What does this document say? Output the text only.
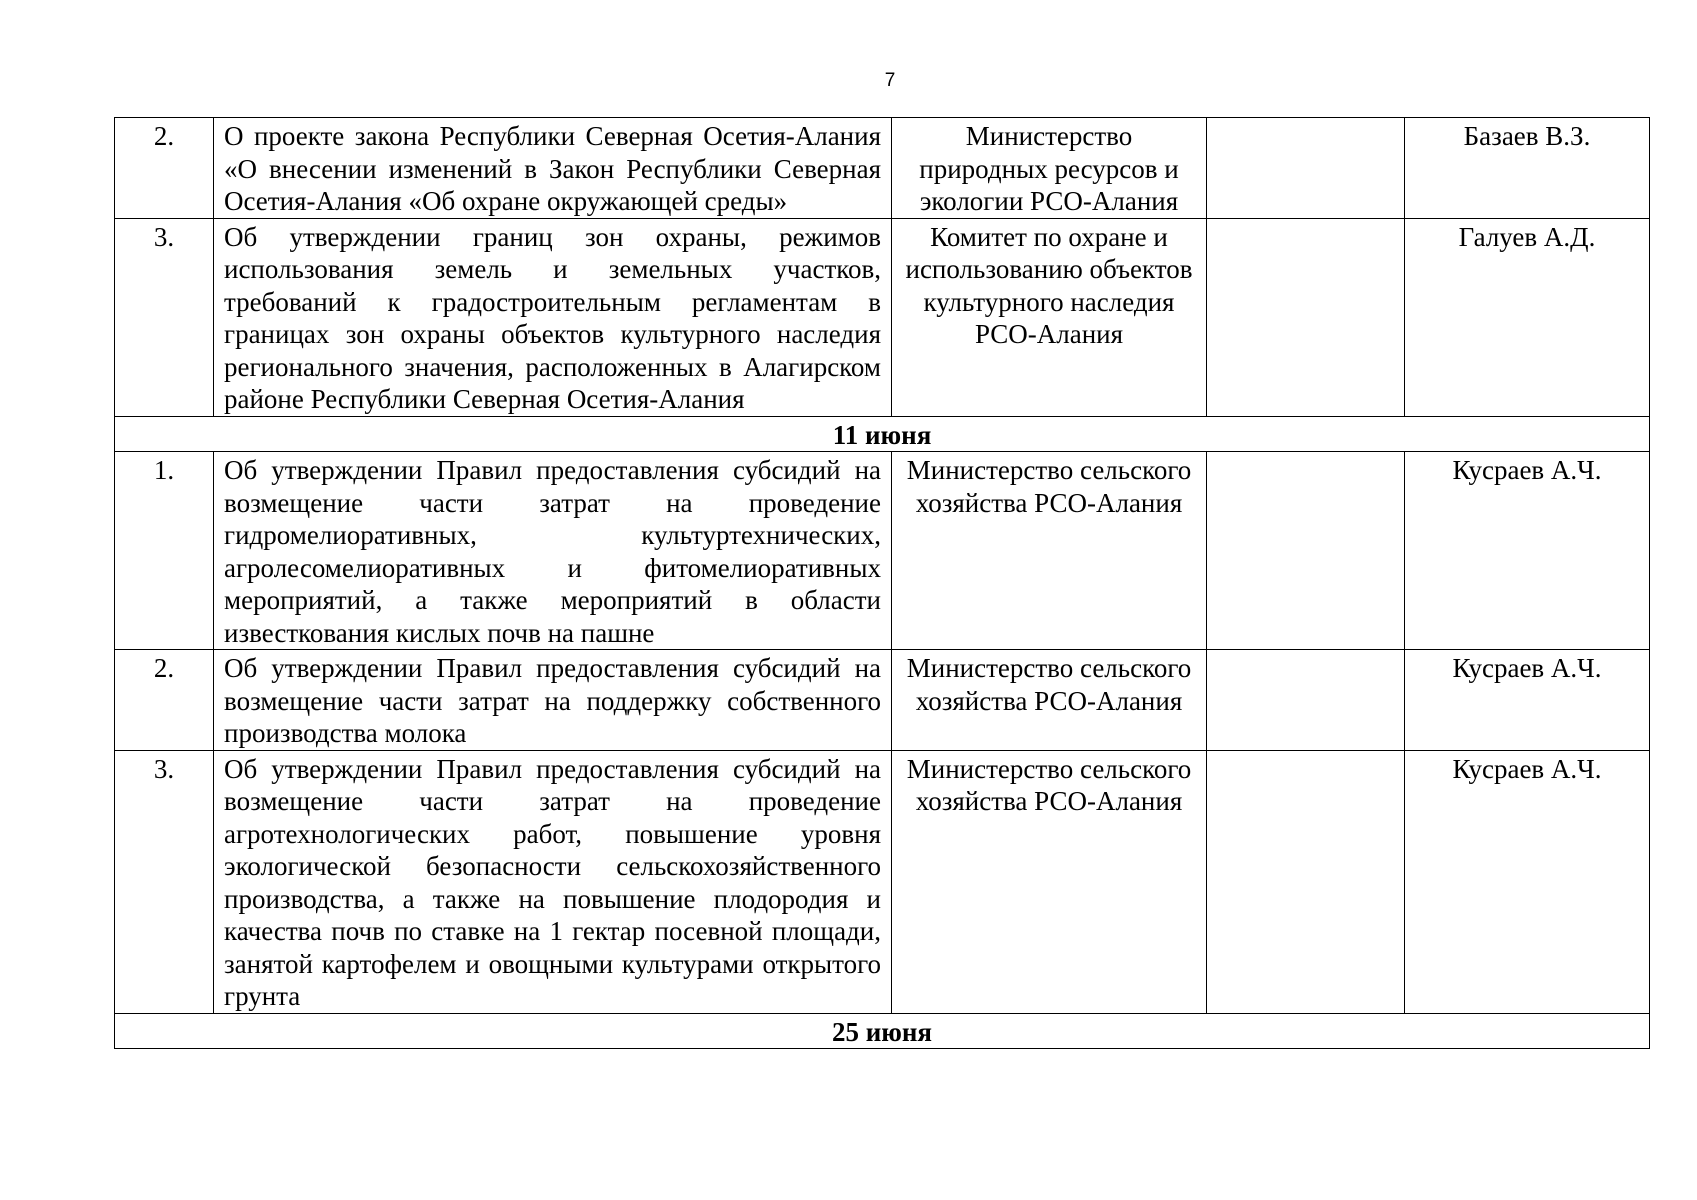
7
2.	О проекте закона Республики Северная Осетия-Алания «О внесении изменений в Закон Республики Северная Осетия-Алания «Об охране окружающей среды»	Министерство природных ресурсов и экологии РСО-Алания		Базаев В.З.
3.	Об утверждении границ зон охраны, режимов использования земель и земельных участков, требований к градостроительным регламентам в границах зон охраны объектов культурного наследия регионального значения, расположенных в Алагирском районе Республики Северная Осетия-Алания	Комитет по охране и использованию объектов культурного наследия РСО-Алания		Галуев А.Д.
11 июня				
1.	Об утверждении Правил предоставления субсидий на возмещение части затрат на проведение гидромелиоративных, культуртехнических, агролесомелиоративных и фитомелиоративных мероприятий, а также мероприятий в области известкования кислых почв на пашне	Министерство сельского хозяйства РСО-Алания		Кусраев А.Ч.
2.	Об утверждении Правил предоставления субсидий на возмещение части затрат на поддержку собственного производства молока	Министерство сельского хозяйства РСО-Алания		Кусраев А.Ч.
3.	Об утверждении Правил предоставления субсидий на возмещение части затрат на проведение агротехнологических работ, повышение уровня экологической безопасности сельскохозяйственного производства, а также на повышение плодородия и качества почв по ставке на 1 гектар посевной площади, занятой картофелем и овощными культурами открытого грунта	Министерство сельского хозяйства РСО-Алания		Кусраев А.Ч.
25 июня				
